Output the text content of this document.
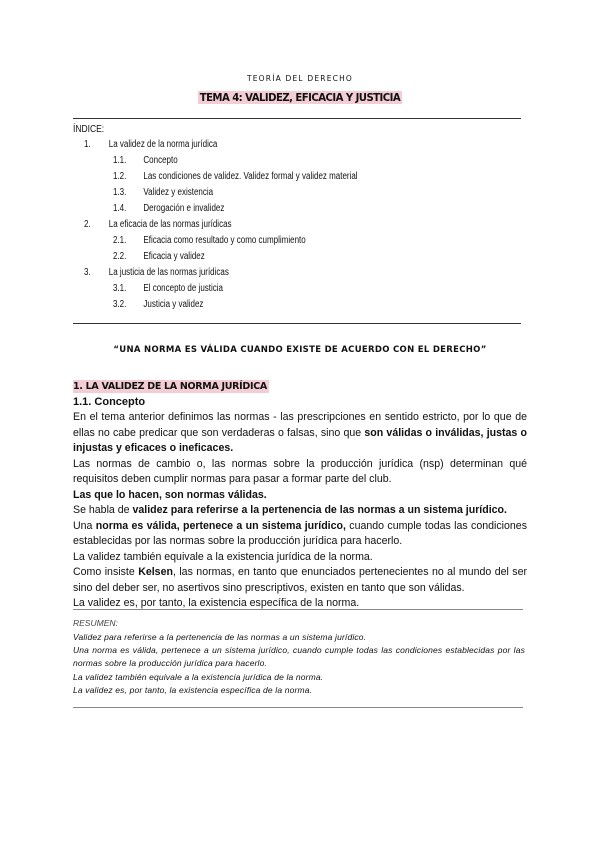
TEORÍA DEL DERECHO
TEMA 4: VALIDEZ, EFICACIA Y JUSTICIA
ÍNDICE:
1. La validez de la norma jurídica
1.1. Concepto
1.2. Las condiciones de validez. Validez formal y validez material
1.3. Validez y existencia
1.4. Derogación e invalidez
2. La eficacia de las normas jurídicas
2.1. Eficacia como resultado y como cumplimiento
2.2. Eficacia y validez
3. La justicia de las normas jurídicas
3.1. El concepto de justicia
3.2. Justicia y validez
“UNA NORMA ES VÁLIDA CUANDO EXISTE DE ACUERDO CON EL DERECHO”
1. LA VALIDEZ DE LA NORMA JURÍDICA
1.1. Concepto

En el tema anterior definimos las normas - las prescripciones en sentido estricto, por lo que de ellas no cabe predicar que son verdaderas o falsas, sino que son válidas o inválidas, justas o injustas y eficaces o ineficaces.

Las normas de cambio o, las normas sobre la producción jurídica (nsp) determinan qué requisitos deben cumplir normas para pasar a formar parte del club.

Las que lo hacen, son normas válidas.

Se habla de validez para referirse a la pertenencia de las normas a un sistema jurídico.

Una norma es válida, pertenece a un sistema jurídico, cuando cumple todas las condiciones establecidas por las normas sobre la producción jurídica para hacerlo.

La validez también equivale a la existencia jurídica de la norma.

Como insiste Kelsen, las normas, en tanto que enunciados pertenecientes no al mundo del ser sino del deber ser, no asertivos sino prescriptivos, existen en tanto que son válidas.

La validez es, por tanto, la existencia específica de la norma.

RESUMEN:

Validez para referirse a la pertenencia de las normas a un sistema jurídico.

Una norma es válida, pertenece a un sistema jurídico, cuando cumple todas las condiciones establecidas por las normas sobre la producción jurídica para hacerlo.

La validez también equivale a la existencia jurídica de la norma.

La validez es, por tanto, la existencia específica de la norma.
